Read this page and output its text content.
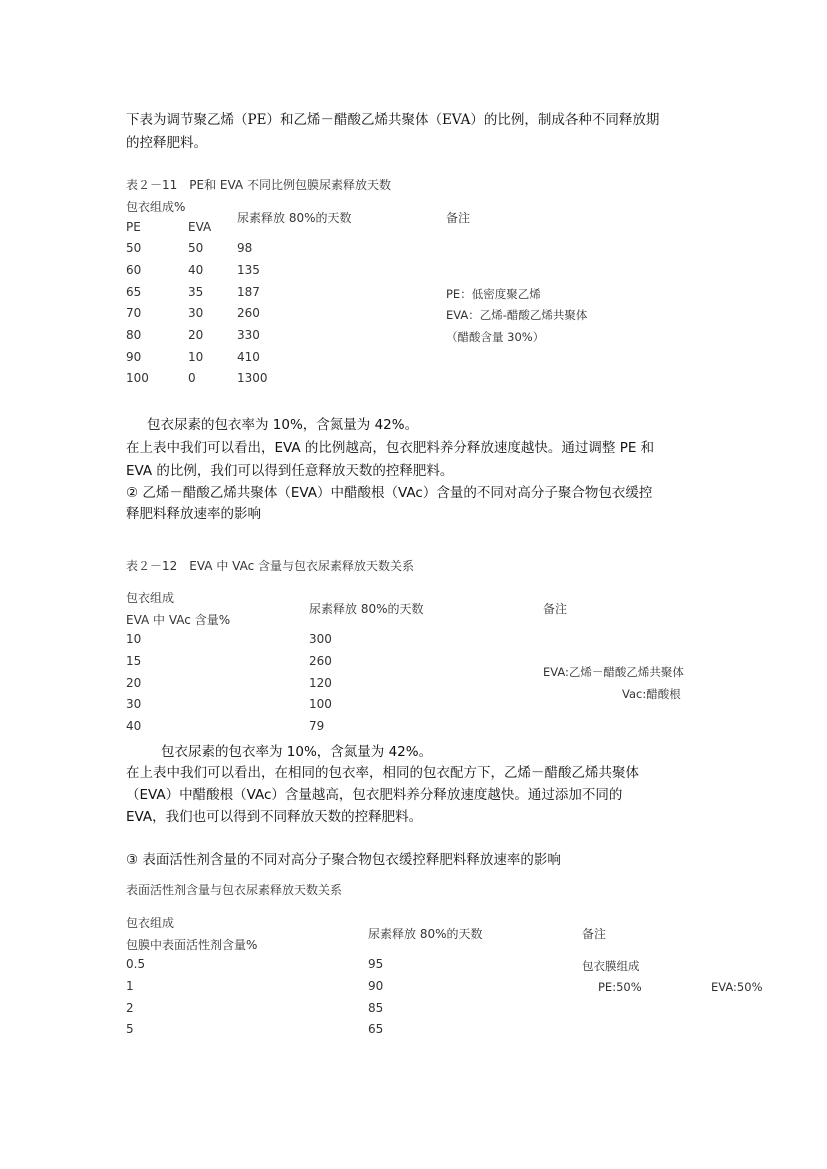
下表为调节聚乙烯（PE）和乙烯－醋酸乙烯共聚体（EVA）的比例，制成各种不同释放期
的控释肥料。
表２－11　PE和 EVA 不同比例包膜尿素释放天数
包衣组成%
尿素释放 80%的天数	备注
PE	EVA
50	50	98
60	40	135
65	35	187
70	30	260
80	20	330
90	10	410
100	0	1300
PE：低密度聚乙烯
EVA：乙烯-醋酸乙烯共聚体
（醋酸含量 30%）
包衣尿素的包衣率为 10%，含氮量为 42%。
在上表中我们可以看出，EVA 的比例越高，包衣肥料养分释放速度越快。通过调整 PE 和
EVA 的比例，我们可以得到任意释放天数的控释肥料。
② 乙烯－醋酸乙烯共聚体（EVA）中醋酸根（VAc）含量的不同对高分子聚合物包衣缓控
释肥料释放速率的影响
表２－12　EVA 中 VAc 含量与包衣尿素释放天数关系
包衣组成
尿素释放 80%的天数	备注
EVA 中 VAc 含量%
10	300
15	260
20	120
30	100
40	79
EVA:乙烯－醋酸乙烯共聚体
Vac:醋酸根
包衣尿素的包衣率为 10%，含氮量为 42%。
在上表中我们可以看出，在相同的包衣率，相同的包衣配方下，乙烯－醋酸乙烯共聚体
（EVA）中醋酸根（VAc）含量越高，包衣肥料养分释放速度越快。通过添加不同的
EVA，我们也可以得到不同释放天数的控释肥料。
③ 表面活性剂含量的不同对高分子聚合物包衣缓控释肥料释放速率的影响
表面活性剂含量与包衣尿素释放天数关系
包衣组成
尿素释放 80%的天数	备注
包膜中表面活性剂含量%
0.5	95
1	90
2	85
5	65
包衣膜组成
PE:50%	EVA:50%
